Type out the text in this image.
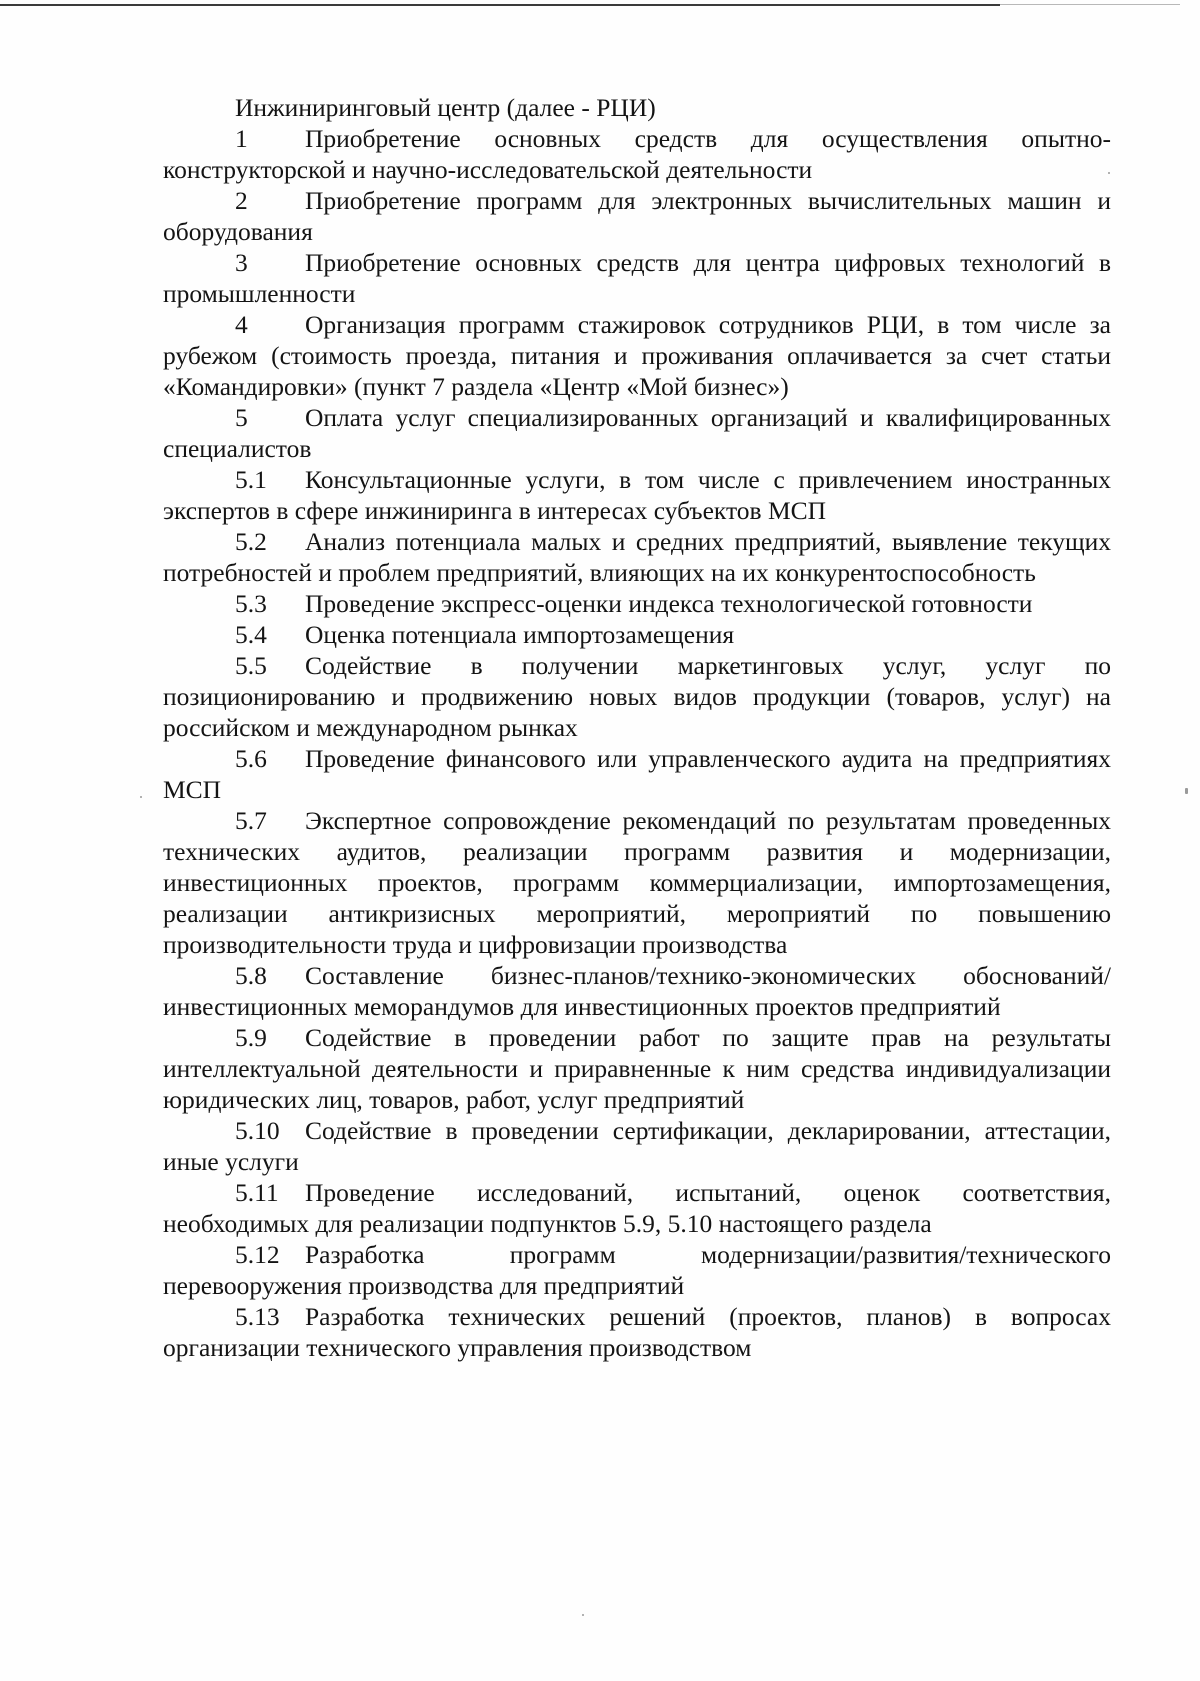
Инжиниринговый центр (далее - РЦИ)

1 Приобретение основных средств для осуществления опытно-конструкторской и научно-исследовательской деятельности

2 Приобретение программ для электронных вычислительных машин и оборудования

3 Приобретение основных средств для центра цифровых технологий в промышленности

4 Организация программ стажировок сотрудников РЦИ, в том числе за рубежом (стоимость проезда, питания и проживания оплачивается за счет статьи «Командировки» (пункт 7 раздела «Центр «Мой бизнес»)

5 Оплата услуг специализированных организаций и квалифицированных специалистов

5.1 Консультационные услуги, в том числе с привлечением иностранных экспертов в сфере инжиниринга в интересах субъектов МСП

5.2 Анализ потенциала малых и средних предприятий, выявление текущих потребностей и проблем предприятий, влияющих на их конкурентоспособность

5.3 Проведение экспресс-оценки индекса технологической готовности

5.4 Оценка потенциала импортозамещения

5.5 Содействие в получении маркетинговых услуг, услуг по позиционированию и продвижению новых видов продукции (товаров, услуг) на российском и международном рынках

5.6 Проведение финансового или управленческого аудита на предприятиях МСП

5.7 Экспертное сопровождение рекомендаций по результатам проведенных технических аудитов, реализации программ развития и модернизации, инвестиционных проектов, программ коммерциализации, импортозамещения, реализации антикризисных мероприятий, мероприятий по повышению производительности труда и цифровизации производства

5.8 Составление бизнес-планов/технико-экономических обоснований/инвестиционных меморандумов для инвестиционных проектов предприятий

5.9 Содействие в проведении работ по защите прав на результаты интеллектуальной деятельности и приравненные к ним средства индивидуализации юридических лиц, товаров, работ, услуг предприятий

5.10 Содействие в проведении сертификации, декларировании, аттестации, иные услуги

5.11 Проведение исследований, испытаний, оценок соответствия, необходимых для реализации подпунктов 5.9, 5.10 настоящего раздела

5.12 Разработка программ модернизации/развития/технического перевооружения производства для предприятий

5.13 Разработка технических решений (проектов, планов) в вопросах организации технического управления производством
